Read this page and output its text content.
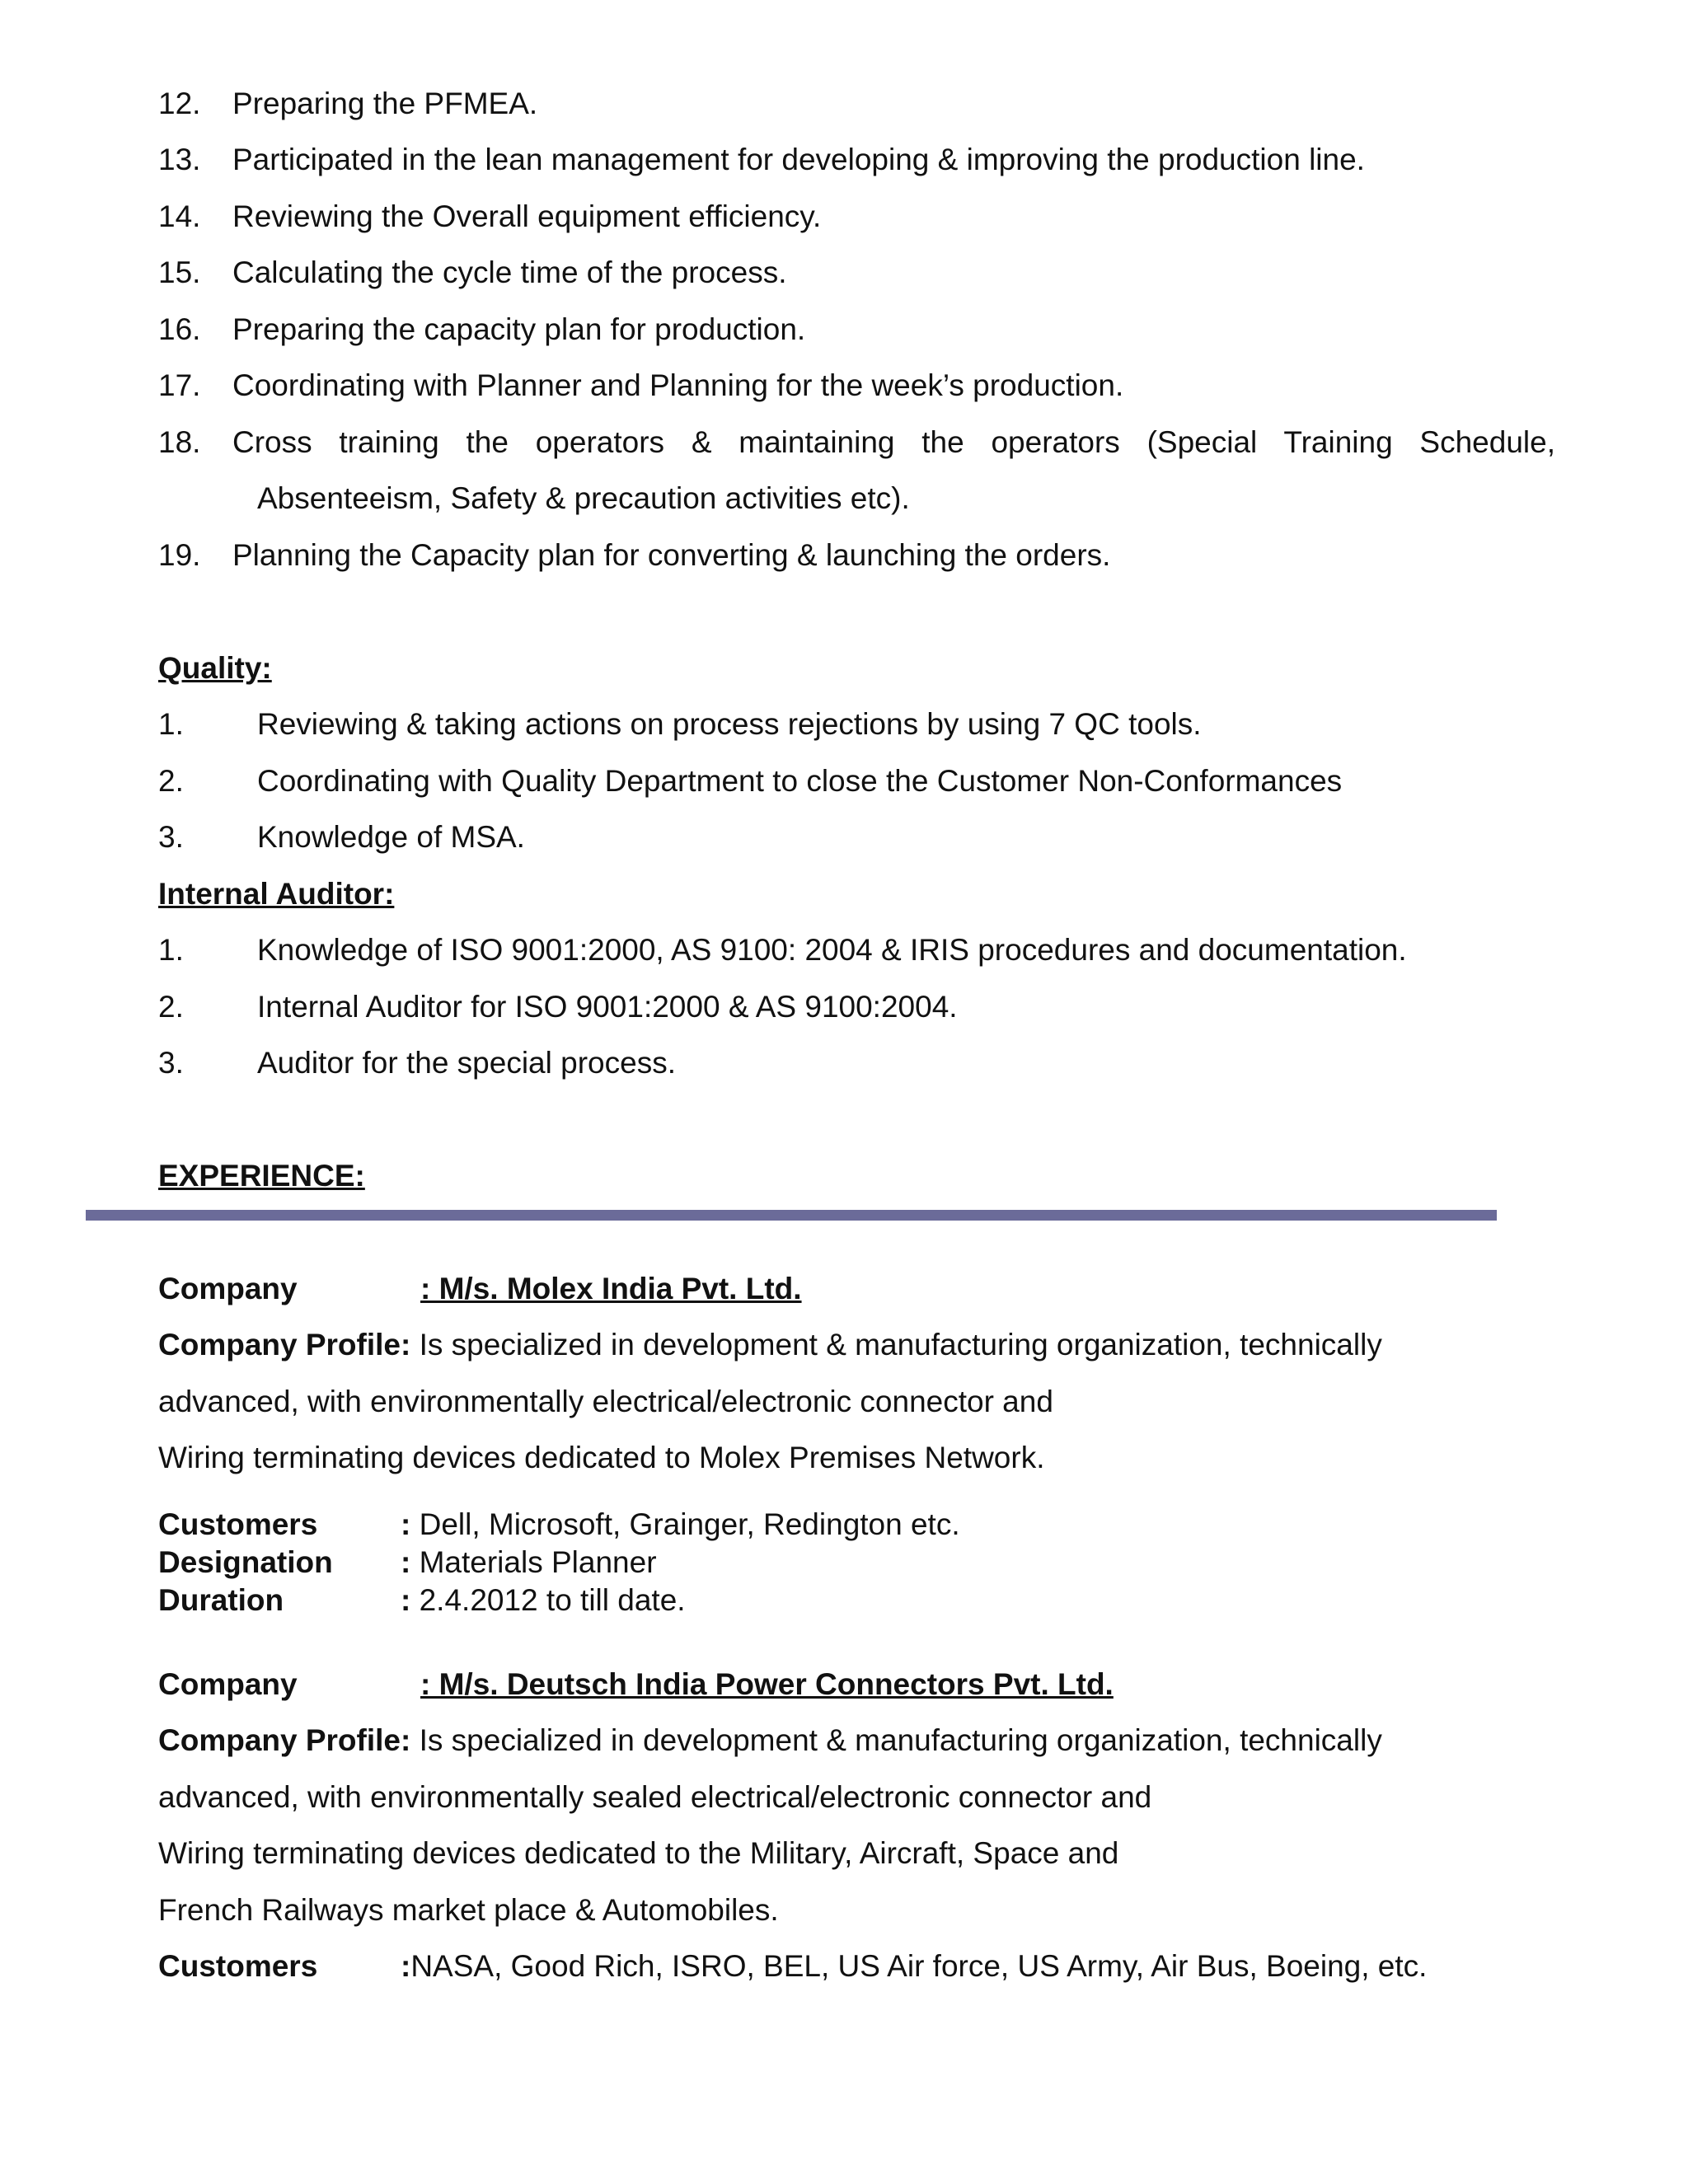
12. Preparing the PFMEA.
13. Participated in the lean management for developing & improving the production line.
14. Reviewing the Overall equipment efficiency.
15. Calculating the cycle time of the process.
16. Preparing the capacity plan for production.
17. Coordinating with Planner and Planning for the week’s production.
18. Cross training the operators & maintaining the operators (Special Training Schedule,
Absenteeism, Safety & precaution activities etc).
19. Planning the Capacity plan for converting & launching the orders.
Quality:
1. Reviewing & taking actions on process rejections by using 7 QC tools.
2. Coordinating with Quality Department to close the Customer Non-Conformances
3. Knowledge of MSA.
Internal Auditor:
1. Knowledge of ISO 9001:2000, AS 9100: 2004 & IRIS procedures and documentation.
2. Internal Auditor for ISO 9001:2000 & AS 9100:2004.
3. Auditor for the special process.
EXPERIENCE:
Company	: M/s. Molex India Pvt. Ltd.
Company Profile: Is specialized in development & manufacturing organization, technically
advanced, with environmentally electrical/electronic connector and
Wiring terminating devices dedicated to Molex Premises Network.
Customers	: Dell, Microsoft, Grainger, Redington etc.
Designation : Materials Planner
Duration	: 2.4.2012 to till date.
Company	: M/s. Deutsch India Power Connectors Pvt. Ltd.
Company Profile: Is specialized in development & manufacturing organization, technically
advanced, with environmentally sealed electrical/electronic connector and
Wiring terminating devices dedicated to the Military, Aircraft, Space and
French Railways market place & Automobiles.
Customers	:NASA, Good Rich, ISRO, BEL, US Air force, US Army, Air Bus, Boeing, etc.
